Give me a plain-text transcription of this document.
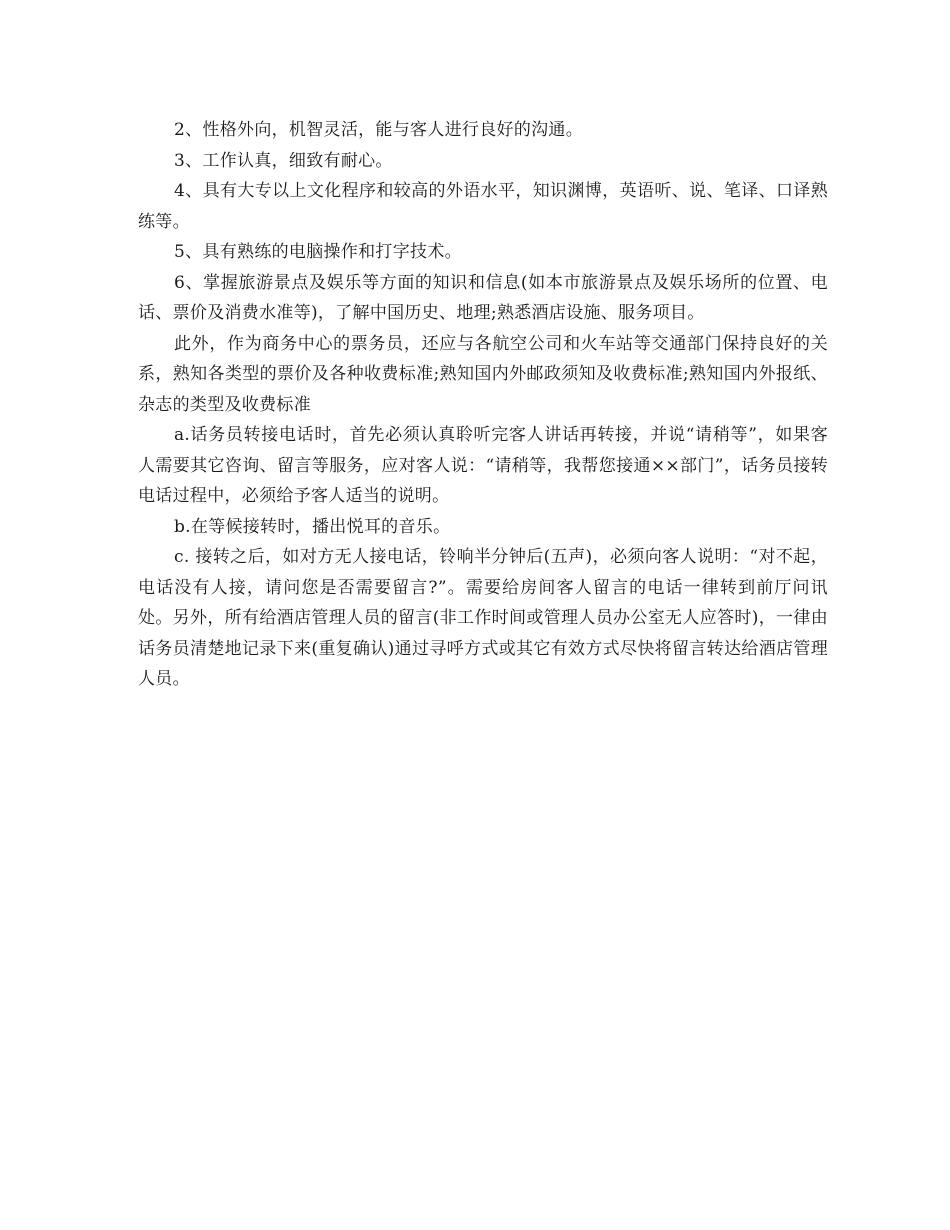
2、性格外向，机智灵活，能与客人进行良好的沟通。

3、工作认真，细致有耐心。

4、具有大专以上文化程序和较高的外语水平，知识渊博，英语听、说、笔译、口译熟练等。

5、具有熟练的电脑操作和打字技术。

6、掌握旅游景点及娱乐等方面的知识和信息(如本市旅游景点及娱乐场所的位置、电话、票价及消费水准等)，了解中国历史、地理;熟悉酒店设施、服务项目。

此外，作为商务中心的票务员，还应与各航空公司和火车站等交通部门保持良好的关系，熟知各类型的票价及各种收费标准;熟知国内外邮政须知及收费标准;熟知国内外报纸、杂志的类型及收费标准

a.话务员转接电话时，首先必须认真聆听完客人讲话再转接，并说“请稍等”，如果客人需要其它咨询、留言等服务，应对客人说：“请稍等，我帮您接通××部门”，话务员接转电话过程中，必须给予客人适当的说明。

b.在等候接转时，播出悦耳的音乐。

c. 接转之后，如对方无人接电话，铃响半分钟后(五声)，必须向客人说明：“对不起，电话没有人接，请问您是否需要留言?”。需要给房间客人留言的电话一律转到前厅问讯处。另外，所有给酒店管理人员的留言(非工作时间或管理人员办公室无人应答时)，一律由话务员清楚地记录下来(重复确认)通过寻呼方式或其它有效方式尽快将留言转达给酒店管理人员。
